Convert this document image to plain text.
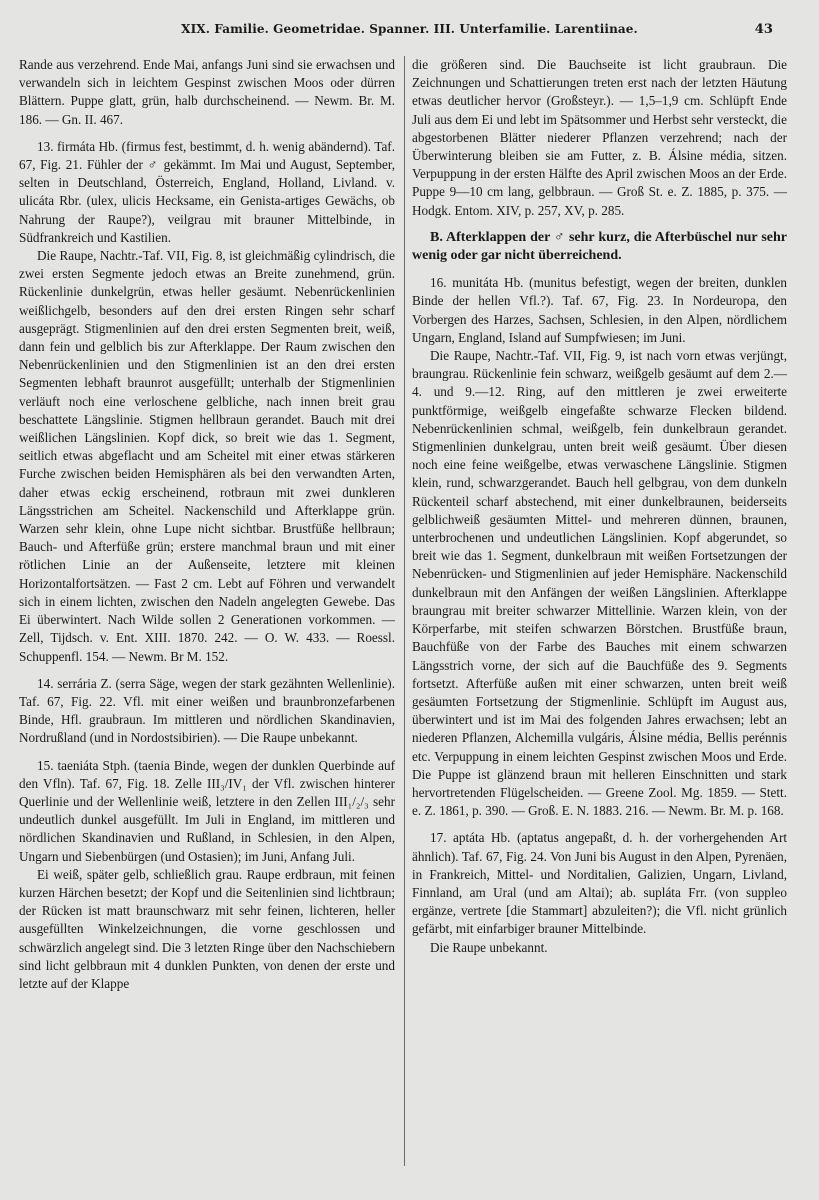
XIX. Familie. Geometridae. Spanner. III. Unterfamilie. Larentiinae.	43

Rande aus verzehrend. Ende Mai, anfangs Juni sind sie erwachsen und verwandeln sich in leichtem Gespinst zwischen Moos oder dürren Blättern. Puppe glatt, grün, halb durchscheinend. — Newm. Br. M. 186. — Gn. II. 467.

13. firmáta Hb. (firmus fest, bestimmt, d. h. wenig abändernd). Taf. 67, Fig. 21. Fühler der ♂ gekämmt. Im Mai und August, September, selten in Deutschland, Österreich, England, Holland, Livland. v. ulicáta Rbr. (ulex, ulicis Hecksame, ein Genista-artiges Gewächs, ob Nahrung der Raupe?), veilgrau mit brauner Mittelbinde, in Südfrankreich und Kastilien.

Die Raupe, Nachtr.-Taf. VII, Fig. 8, ist gleichmäßig cylindrisch, die zwei ersten Segmente jedoch etwas an Breite zunehmend, grün. Rückenlinie dunkelgrün, etwas heller gesäumt. Nebenrückenlinien weißlichgelb, besonders auf den drei ersten Ringen sehr scharf ausgeprägt. Stigmenlinien auf den drei ersten Segmenten breit, weiß, dann fein und gelblich bis zur Afterklappe. Der Raum zwischen den Nebenrückenlinien und den Stigmenlinien ist an den drei ersten Segmenten lebhaft braunrot ausgefüllt; unterhalb der Stigmenlinien verläuft noch eine verloschene gelbliche, nach innen breit grau beschattete Längslinie. Stigmen hellbraun gerandet. Bauch mit drei weißlichen Längslinien. Kopf dick, so breit wie das 1. Segment, seitlich etwas abgeflacht und am Scheitel mit einer etwas stärkeren Furche zwischen beiden Hemisphären als bei den verwandten Arten, daher etwas eckig erscheinend, rotbraun mit zwei dunkleren Längsstrichen am Scheitel. Nackenschild und Afterklappe grün. Warzen sehr klein, ohne Lupe nicht sichtbar. Brustfüße hellbraun; Bauch- und Afterfüße grün; erstere manchmal braun und mit einer rötlichen Linie an der Außenseite, letztere mit kleinen Horizontalfortsätzen. — Fast 2 cm. Lebt auf Föhren und verwandelt sich in einem lichten, zwischen den Nadeln angelegten Gewebe. Das Ei überwintert. Nach Wilde sollen 2 Generationen vorkommen. — Zell, Tijdsch. v. Ent. XIII. 1870. 242. — O. W. 433. — Roessl. Schuppenfl. 154. — Newm. Br M. 152.

14. serrária Z. (serra Säge, wegen der stark gezähnten Wellenlinie). Taf. 67, Fig. 22. Vfl. mit einer weißen und braunbronzefarbenen Binde, Hfl. graubraun. Im mittleren und nördlichen Skandinavien, Nordrußland (und in Nordostsibirien). — Die Raupe unbekannt.

15. taeniáta Stph. (taenia Binde, wegen der dunklen Querbinde auf den Vfln). Taf. 67, Fig. 18. Zelle III₃/IV₁ der Vfl. zwischen hinterer Querlinie und der Wellenlinie weiß, letztere in den Zellen III₁/₂/₃ sehr undeutlich dunkel ausgefüllt. Im Juli in England, im mittleren und nördlichen Skandinavien und Rußland, in Schlesien, in den Alpen, Ungarn und Siebenbürgen (und Ostasien); im Juni, Anfang Juli.

Ei weiß, später gelb, schließlich grau. Raupe erdbraun, mit feinen kurzen Härchen besetzt; der Kopf und die Seitenlinien sind lichtbraun; der Rücken ist matt braunschwarz mit sehr feinen, lichteren, heller ausgefüllten Winkelzeichnungen, die vorne geschlossen und schwärzlich angelegt sind. Die 3 letzten Ringe über den Nachschiebern sind licht gelbbraun mit 4 dunklen Punkten, von denen der erste und letzte auf der Klappe

die größeren sind. Die Bauchseite ist licht graubraun. Die Zeichnungen und Schattierungen treten erst nach der letzten Häutung etwas deutlicher hervor (Großsteyr.). — 1,5–1,9 cm. Schlüpft Ende Juli aus dem Ei und lebt im Spätsommer und Herbst sehr versteckt, die abgestorbenen Blätter niederer Pflanzen verzehrend; nach der Überwinterung bleiben sie am Futter, z. B. Álsine média, sitzen. Verpuppung in der ersten Hälfte des April zwischen Moos an der Erde. Puppe 9—10 cm lang, gelbbraun. — Groß St. e. Z. 1885, p. 375. — Hodgk. Entom. XIV, p. 257, XV, p. 285.

B. Afterklappen der ♂ sehr kurz, die Afterbüschel nur sehr wenig oder gar nicht überreichend.

16. munitáta Hb. (munitus befestigt, wegen der breiten, dunklen Binde der hellen Vfl.?). Taf. 67, Fig. 23. In Nordeuropa, den Vorbergen des Harzes, Sachsen, Schlesien, in den Alpen, nördlichem Ungarn, England, Island auf Sumpfwiesen; im Juni.

Die Raupe, Nachtr.-Taf. VII, Fig. 9, ist nach vorn etwas verjüngt, braungrau. Rückenlinie fein schwarz, weißgelb gesäumt auf dem 2.—4. und 9.—12. Ring, auf den mittleren je zwei erweiterte punktförmige, weißgelb eingefaßte schwarze Flecken bildend. Nebenrückenlinien schmal, weißgelb, fein dunkelbraun gerandet. Stigmenlinien dunkelgrau, unten breit weiß gesäumt. Über diesen noch eine feine weißgelbe, etwas verwaschene Längslinie. Stigmen klein, rund, schwarzgerandet. Bauch hell gelbgrau, von dem dunkeln Rückenteil scharf abstechend, mit einer dunkelbraunen, beiderseits gelblichweiß gesäumten Mittel- und mehreren dünnen, braunen, unterbrochenen und undeutlichen Längslinien. Kopf abgerundet, so breit wie das 1. Segment, dunkelbraun mit weißen Fortsetzungen der Nebenrücken- und Stigmenlinien auf jeder Hemisphäre. Nackenschild dunkelbraun mit den Anfängen der weißen Längslinien. Afterklappe braungrau mit breiter schwarzer Mittellinie. Warzen klein, von der Körperfarbe, mit steifen schwarzen Börstchen. Brustfüße braun, Bauchfüße von der Farbe des Bauches mit einem schwarzen Längsstrich vorne, der sich auf die Bauchfüße des 9. Segments fortsetzt. Afterfüße außen mit einer schwarzen, unten breit weiß gesäumten Fortsetzung der Stigmenlinie. Schlüpft im August aus, überwintert und ist im Mai des folgenden Jahres erwachsen; lebt an niederen Pflanzen, Alchemilla vulgáris, Álsine média, Bellis perénnis etc. Verpuppung in einem leichten Gespinst zwischen Moos und Erde. Die Puppe ist glänzend braun mit helleren Einschnitten und stark hervortretenden Flügelscheiden. — Greene Zool. Mg. 1859. — Stett. e. Z. 1861, p. 390. — Groß. E. N. 1883. 216. — Newm. Br. M. p. 168.

17. aptáta Hb. (aptatus angepaßt, d. h. der vorhergehenden Art ähnlich). Taf. 67, Fig. 24. Von Juni bis August in den Alpen, Pyrenäen, in Frankreich, Mittel- und Norditalien, Galizien, Ungarn, Livland, Finnland, am Ural (und am Altai); ab. supláta Frr. (von suppleo ergänze, vertrete [die Stammart] abzuleiten?); die Vfl. nicht grünlich gefärbt, mit einfarbiger brauner Mittelbinde.

Die Raupe unbekannt.
